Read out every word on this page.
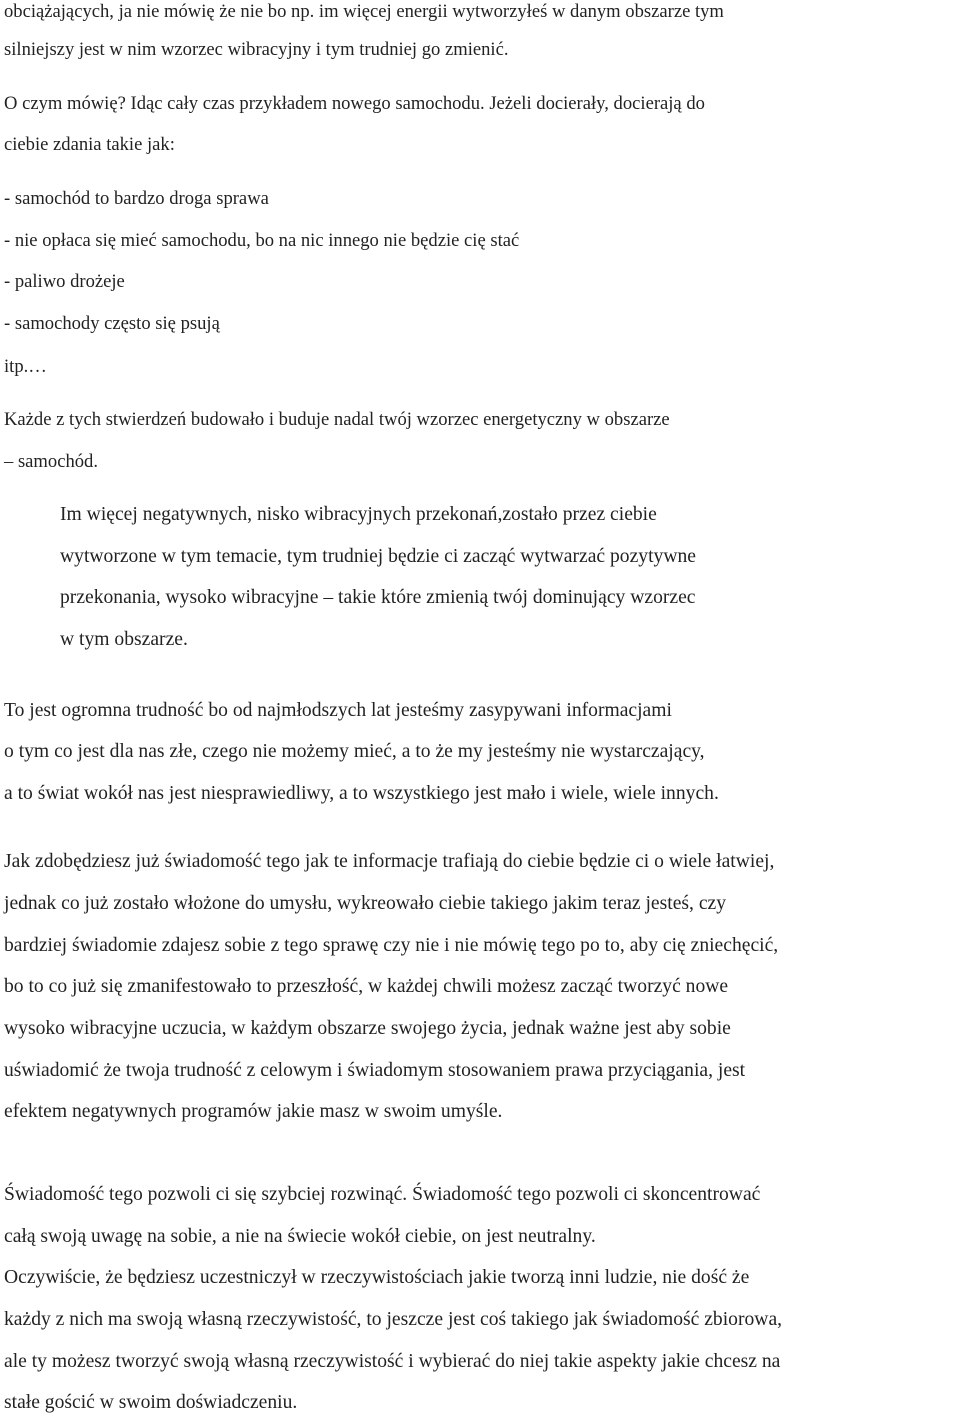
obciążających, ja nie mówię że nie bo np. im więcej energii wytworzyłeś w danym obszarze tym
silniejszy jest w nim wzorzec wibracyjny i tym trudniej go zmienić.
O czym mówię? Idąc cały czas przykładem nowego samochodu. Jeżeli docierały, docierają do
ciebie zdania takie jak:
- samochód to bardzo droga sprawa
- nie opłaca się mieć samochodu, bo na nic innego nie będzie cię stać
- paliwo drożeje
- samochody często się psują
itp.…
Każde z tych stwierdzeń budowało i buduje nadal twój wzorzec energetyczny w obszarze
– samochód.
Im więcej negatywnych, nisko wibracyjnych przekonań,zostało przez ciebie
wytworzone w tym temacie, tym trudniej będzie ci zacząć wytwarzać pozytywne
przekonania, wysoko wibracyjne – takie które zmienią twój dominujący wzorzec
w tym obszarze.
To jest ogromna trudność bo od najmłodszych lat jesteśmy zasypywani informacjami
o tym co jest dla nas złe, czego nie możemy mieć, a to że my jesteśmy nie wystarczający,
a to świat wokół nas jest niesprawiedliwy, a to wszystkiego jest mało i wiele, wiele innych.
Jak zdobędziesz już świadomość tego jak te informacje trafiają do ciebie będzie ci o wiele łatwiej,
jednak co już zostało włożone do umysłu, wykreowało ciebie takiego jakim teraz jesteś, czy
bardziej świadomie zdajesz sobie z tego sprawę czy nie i nie mówię tego po to, aby cię zniechęcić,
bo to co już się zmanifestowało to przeszłość, w każdej chwili możesz zacząć tworzyć nowe
wysoko wibracyjne uczucia, w każdym obszarze swojego życia, jednak ważne jest aby sobie
uświadomić że twoja trudność z celowym i świadomym stosowaniem prawa przyciągania, jest
efektem negatywnych programów jakie masz w swoim umyśle.
Świadomość tego pozwoli ci się szybciej rozwinąć. Świadomość tego pozwoli ci skoncentrować
całą swoją uwagę na sobie, a nie na świecie wokół ciebie, on jest neutralny.
Oczywiście, że będziesz uczestniczył w rzeczywistościach jakie tworzą inni ludzie, nie dość że
każdy z nich ma swoją własną rzeczywistość, to jeszcze jest coś takiego jak świadomość zbiorowa,
ale ty możesz tworzyć swoją własną rzeczywistość i wybierać do niej takie aspekty jakie chcesz na
stałe gościć w swoim doświadczeniu.
